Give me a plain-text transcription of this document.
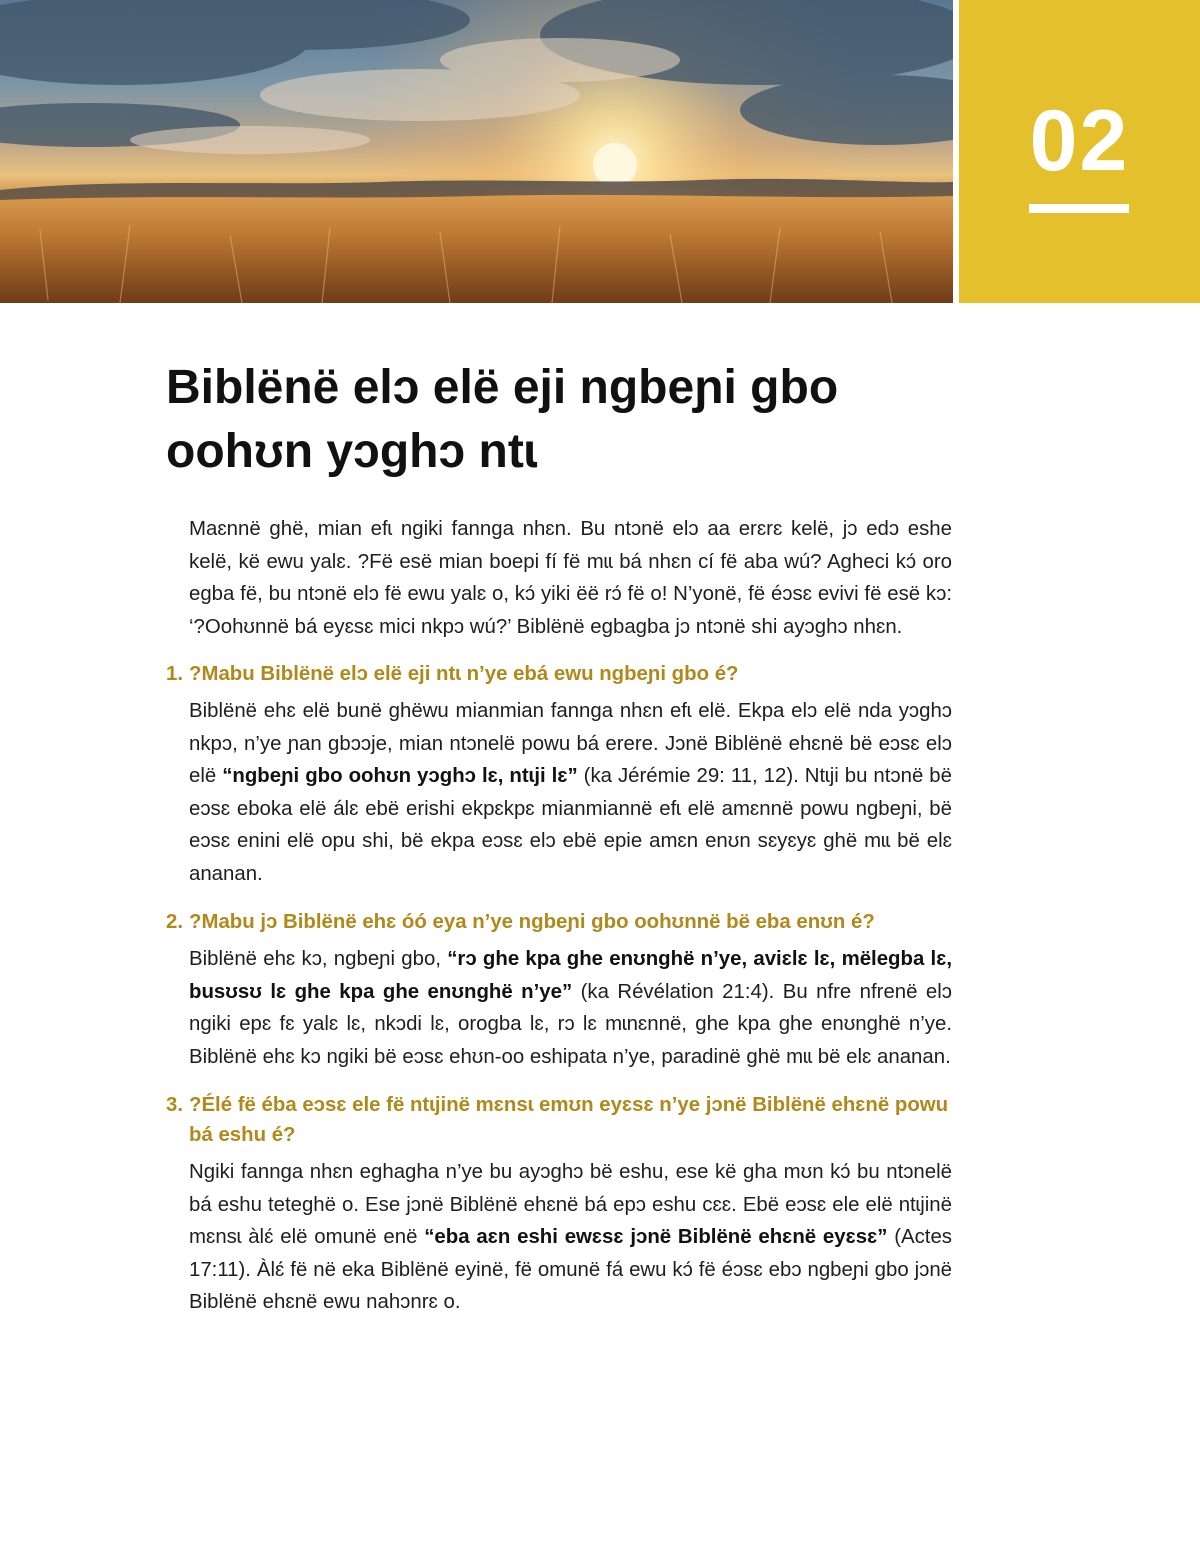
02
Biblënë elɔ elë eji ngbeɲi gbo
oohʊn yɔghɔ ntɩ

Maɛnnë ghë, mian efɩ ngiki fannga nhɛn. Bu ntɔnë elɔ aa erɛrɛ kelë, jɔ edɔ eshe kelë, kë ewu yalɛ. ?Fë esë mian boepi fí fë mɩɩ bá nhɛn cí fë aba wú? Agheci kɔ́ oro egba fë, bu ntɔnë elɔ fë ewu yalɛ o, kɔ́ yiki ëë rɔ́ fë o! N’yonë, fë éɔsɛ evivi fë esë kɔ: ‘?Oohʊnnë bá eyɛsɛ mici nkpɔ wú?’ Biblënë egbagba jɔ ntɔnë shi ayɔghɔ nhɛn.

1. ?Mabu Biblënë elɔ elë eji ntɩ n’ye ebá ewu ngbeɲi gbo é?

Biblënë ehɛ elë bunë ghëwu mianmian fannga nhɛn efɩ elë. Ekpa elɔ elë nda yɔghɔ nkpɔ, n’ye ɲan gbɔɔje, mian ntɔnelë powu bá erere. Jɔnë Biblënë ehɛnë bë eɔsɛ elɔ elë “ngbeɲi gbo oohʊn yɔghɔ lɛ, ntɩji lɛ” (ka Jérémie 29: 11, 12). Ntɩji bu ntɔnë bë eɔsɛ eboka elë álɛ ebë erishi ekpɛkpɛ mianmiannë efɩ elë amɛnnë powu ngbeɲi, bë eɔsɛ enini elë opu shi, bë ekpa eɔsɛ elɔ ebë epie amɛn enʊn sɛyɛyɛ ghë mɩɩ bë elɛ ananan.

2. ?Mabu jɔ Biblënë ehɛ óó eya n’ye ngbeɲi gbo oohʊnnë bë eba enʊn é?

Biblënë ehɛ kɔ, ngbeɲi gbo, “rɔ ghe kpa ghe enʊnghë n’ye, aviɛlɛ lɛ, mëlegba lɛ, busʊsʊ lɛ ghe kpa ghe enʊnghë n’ye” (ka Révélation 21:4). Bu nfre nfrenë elɔ ngiki epɛ fɛ yalɛ lɛ, nkɔdi lɛ, orogba lɛ, rɔ lɛ mɩnɛnnë, ghe kpa ghe enʊnghë n’ye. Biblënë ehɛ kɔ ngiki bë eɔsɛ ehʊn-oo eshipata n’ye, paradinë ghë mɩɩ bë elɛ ananan.

3. ?Élé fë éba eɔsɛ ele fë ntɩjinë mɛnsɩ emʊn eyɛsɛ n’ye jɔnë Biblënë ehɛnë powu bá eshu é?

Ngiki fannga nhɛn eghagha n’ye bu ayɔghɔ bë eshu, ese kë gha mʊn kɔ́ bu ntɔnelë bá eshu teteghë o. Ese jɔnë Biblënë ehɛnë bá epɔ eshu cɛɛ. Ebë eɔsɛ ele elë ntɩjinë mɛnsɩ àlɛ́ elë omunë enë “eba aɛn eshi ewɛsɛ jɔnë Biblënë ehɛnë eyɛsɛ” (Actes 17:11). Àlɛ́ fë në eka Biblënë eyinë, fë omunë fá ewu kɔ́ fë éɔsɛ ebɔ ngbeɲi gbo jɔnë Biblënë ehɛnë ewu nahɔnrɛ o.
